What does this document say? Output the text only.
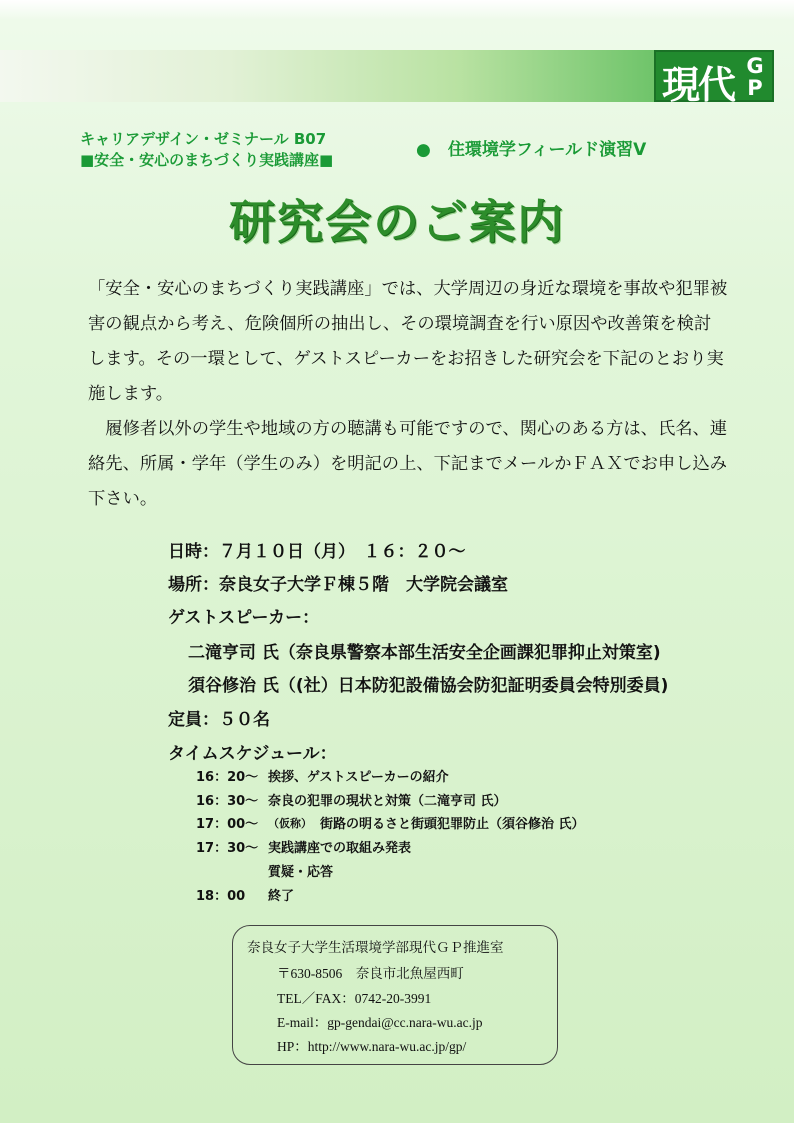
現代 G
P
キャリアデザイン・ゼミナール B07
■安全・安心のまちづくり実践講座■	●　住環境学フィールド演習Ⅴ
研究会のご案内

「安全・安心のまちづくり実践講座」では、大学周辺の身近な環境を事故や犯罪被害の観点から考え、危険個所の抽出し、その環境調査を行い原因や改善策を検討します。その一環として、ゲストスピーカーをお招きした研究会を下記のとおり実施します。

履修者以外の学生や地域の方の聴講も可能ですので、関心のある方は、氏名、連絡先、所属・学年（学生のみ）を明記の上、下記までメールかＦＡＸでお申し込み下さい。

日時：７月１０日（月）　１６：２０～
場所：奈良女子大学Ｆ棟５階　大学院会議室
ゲストスピーカー：
二滝亨司 氏（奈良県警察本部生活安全企画課犯罪抑止対策室)
須谷修治 氏（(社）日本防犯設備協会防犯証明委員会特別委員)
定員：５０名
タイムスケジュール：
16：20～ 挨拶、ゲストスピーカーの紹介
16：30～ 奈良の犯罪の現状と対策（二滝亨司 氏）
17：00～ （仮称） 街路の明るさと街頭犯罪防止（須谷修治 氏）
17：30～ 実践講座での取組み発表
質疑・応答
18：00 終了
奈良女子大学生活環境学部現代ＧＰ推進室
〒630-8506　奈良市北魚屋西町
TEL／FAX：0742-20-3991
E-mail：gp-gendai@cc.nara-wu.ac.jp
HP：http://www.nara-wu.ac.jp/gp/
